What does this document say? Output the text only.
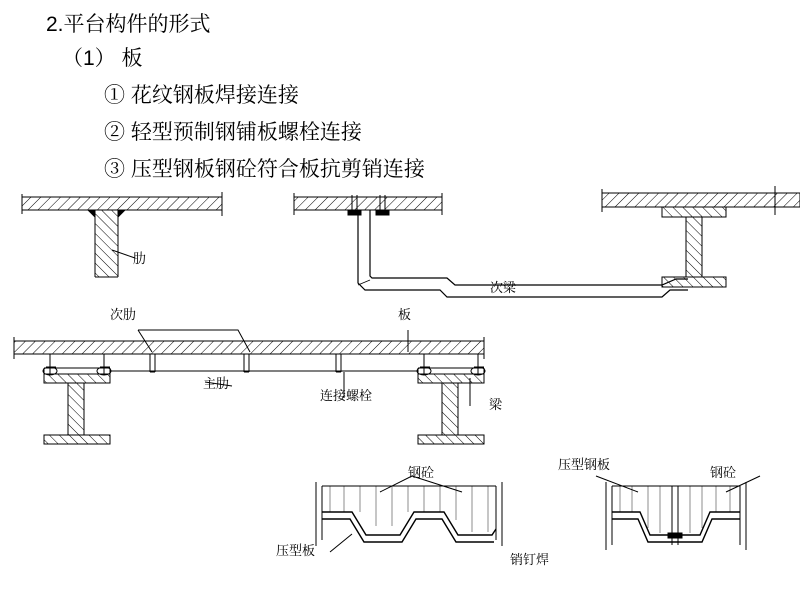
2.平台构件的形式
（1） 板
① 花纹钢板焊接连接
② 轻型预制钢铺板螺栓连接
③ 压型钢板钢砼符合板抗剪销连接
肋
次梁
次肋	板
主肋
连接螺栓
梁
钢砼
压型板
压型钢板
钢砼
销钉焊
